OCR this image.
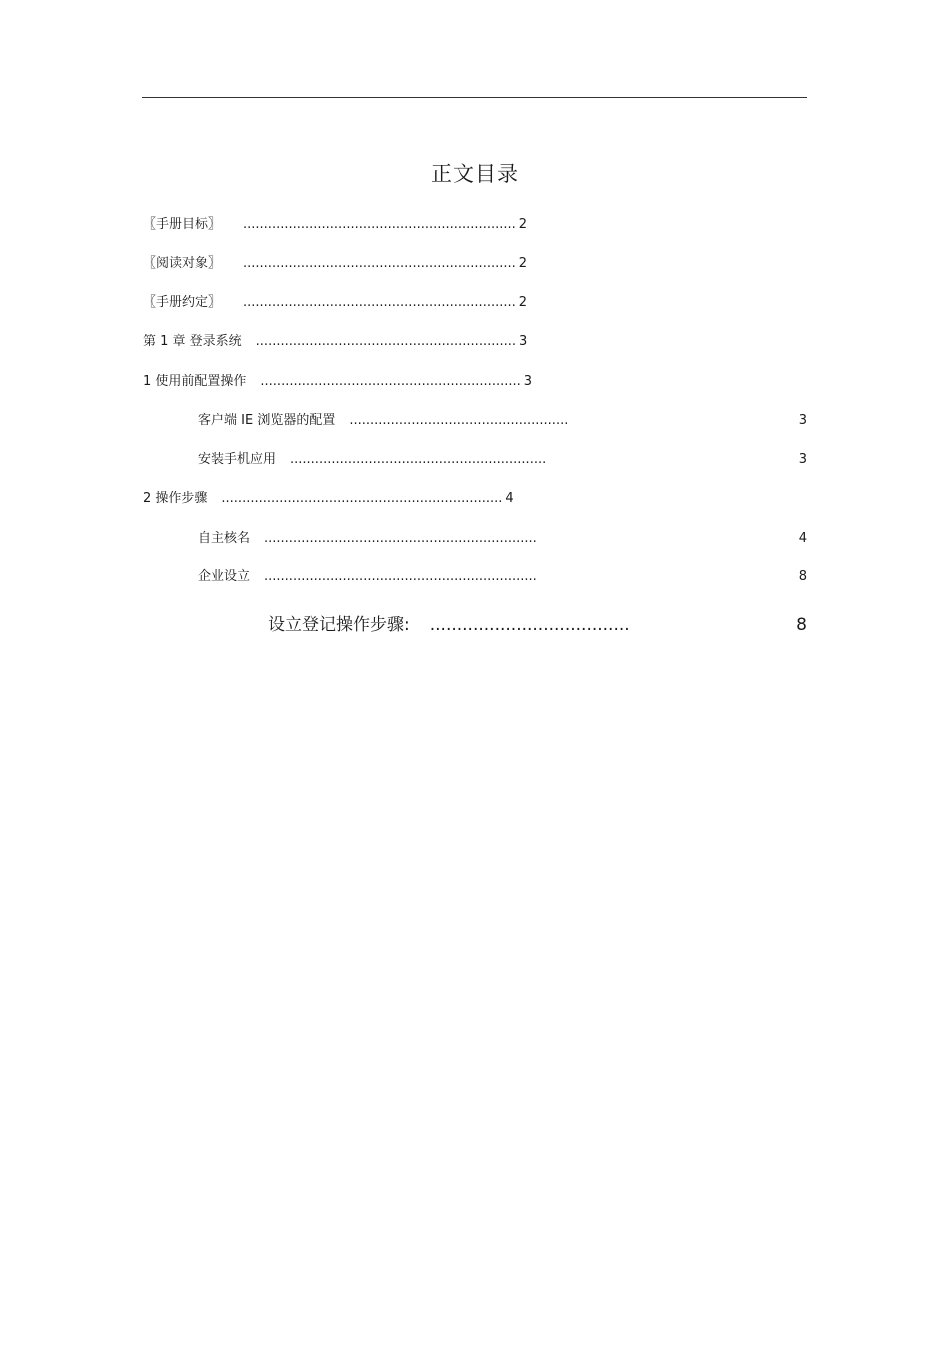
正文目录
〖手册目标〗 .................................................................. 2
〖阅读对象〗 .................................................................. 2
〖手册约定〗 .................................................................. 2
第 1 章 登录系统 ............................................................... 3
1 使用前配置操作 ............................................................... 3
客户端 IE 浏览器的配置 .....................................................	3
安装手机应用 ..............................................................	3
2 操作步骤 .................................................................... 4
自主核名 ..................................................................	4
企业设立 ..................................................................	8
设立登记操作步骤: .....................................	8
